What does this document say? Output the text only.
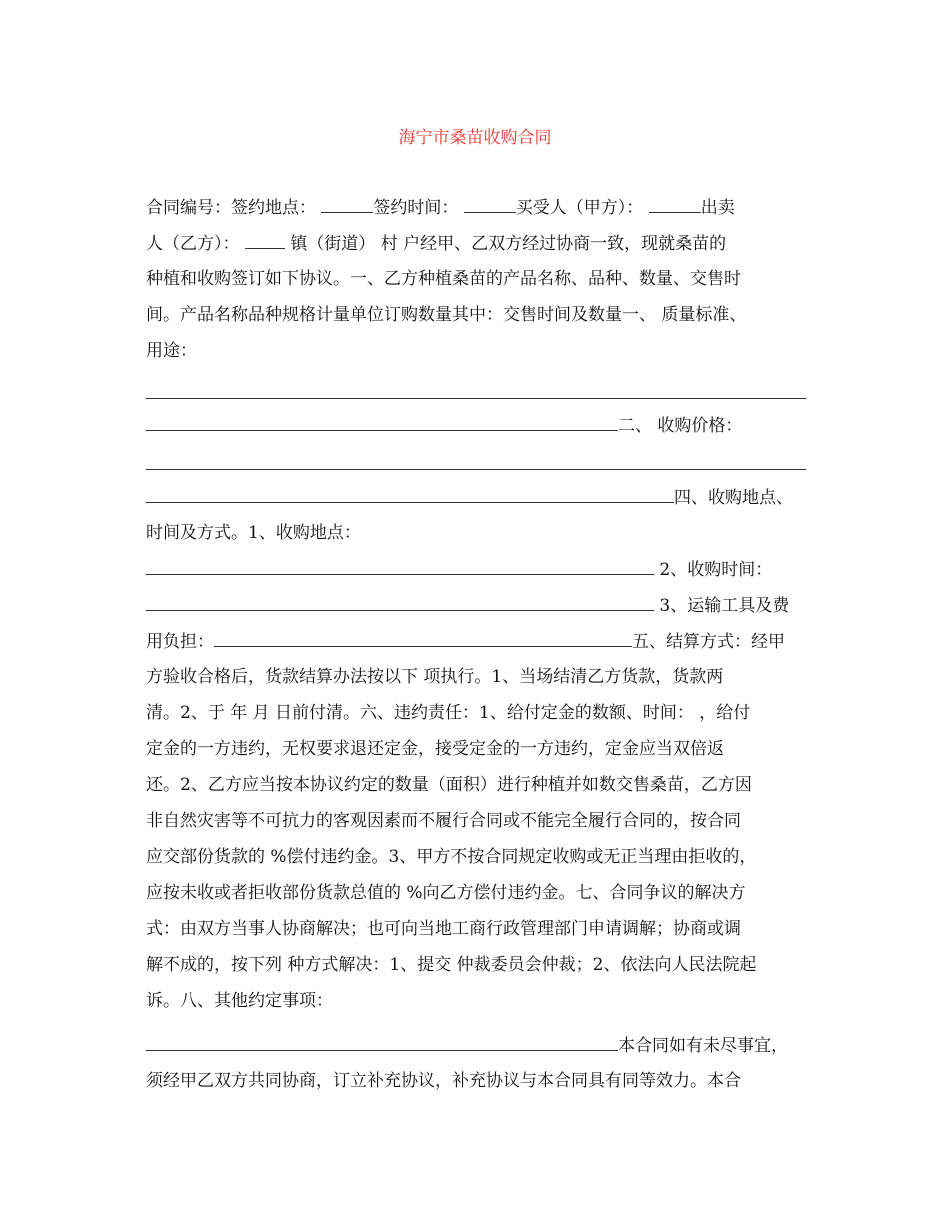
海宁市桑苗收购合同
合同编号：签约地点：	签约时间：	买受人（甲方）：	出卖
人（乙方）：	镇（街道） 村 户经甲、乙双方经过协商一致，现就桑苗的
种植和收购签订如下协议。一、乙方种植桑苗的产品名称、品种、数量、交售时
间。产品名称品种规格计量单位订购数量其中：交售时间及数量一、 质量标准、
用途：
二、 收购价格：
四、收购地点、
时间及方式。1、收购地点：
2、收购时间：
3、运输工具及费
用负担：	五、结算方式：经甲
方验收合格后，货款结算办法按以下 项执行。1、当场结清乙方货款，货款两
清。2、于 年 月 日前付清。六、违约责任：1、给付定金的数额、时间： ，给付
定金的一方违约，无权要求退还定金，接受定金的一方违约，定金应当双倍返
还。2、乙方应当按本协议约定的数量（面积）进行种植并如数交售桑苗，乙方因
非自然灾害等不可抗力的客观因素而不履行合同或不能完全履行合同的，按合同
应交部份货款的 %偿付违约金。3、甲方不按合同规定收购或无正当理由拒收的，
应按未收或者拒收部份货款总值的 %向乙方偿付违约金。七、合同争议的解决方
式：由双方当事人协商解决；也可向当地工商行政管理部门申请调解；协商或调
解不成的，按下列 种方式解决：1、提交 仲裁委员会仲裁；2、依法向人民法院起
诉。八、其他约定事项：
本合同如有未尽事宜，
须经甲乙双方共同协商，订立补充协议，补充协议与本合同具有同等效力。本合
